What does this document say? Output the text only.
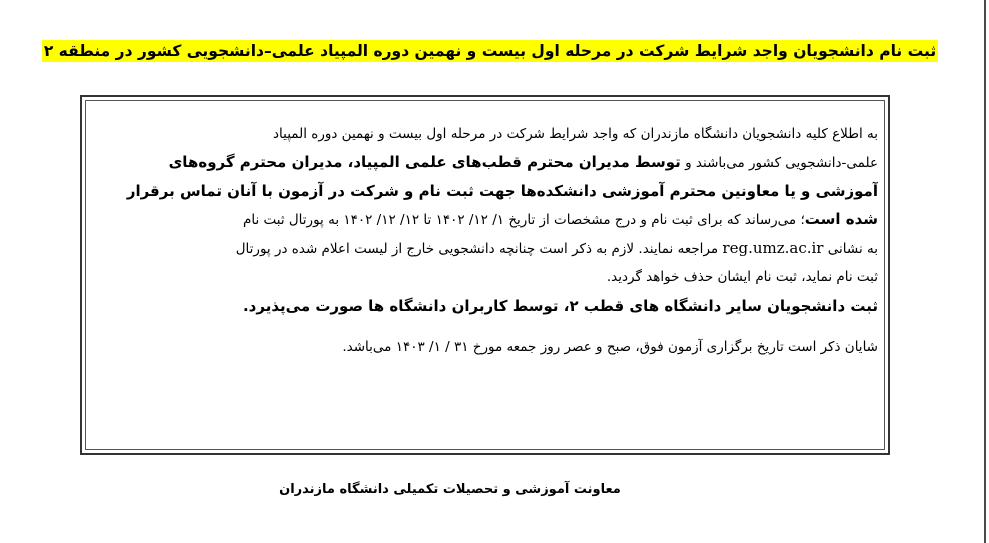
ثبت نام دانشجویان واجد شرایط شرکت در مرحله اول بیست و نهمین دوره المپیاد علمی–دانشجویی کشور در منطقه ۲
به اطلاع کلیه دانشجویان دانشگاه مازندران که واجد شرایط شرکت در مرحله اول بیست و نهمین دوره المپیاد
علمی-دانشجویی کشور می‌باشند و توسط مدیران محترم قطب‌های علمی المپیاد، مدیران محترم گروه‌های
آموزشی و یا معاونین محترم آموزشی دانشکده‌ها جهت ثبت نام و شرکت در آزمون با آنان تماس برقرار
شده است؛ می‌رساند که برای ثبت نام و درج مشخصات از تاریخ ۱/ ۱۲/ ۱۴۰۲ تا ۱۲/ ۱۲/ ۱۴۰۲ به پورتال ثبت نام
به نشانی reg.umz.ac.ir مراجعه نمایند. لازم به ذکر است چنانچه دانشجویی خارج از لیست اعلام شده در پورتال
ثبت نام نماید، ثبت نام ایشان حذف خواهد گردید.
ثبت دانشجویان سایر دانشگاه های قطب ۲، توسط کاربران دانشگاه ها صورت می‌پذیرد.
شایان ذکر است تاریخ برگزاری آزمون فوق، صبح و عصر روز جمعه مورخ ۳۱ / ۱/ ۱۴۰۳ می‌باشد.
معاونت آموزشی و تحصیلات تکمیلی دانشگاه مازندران
